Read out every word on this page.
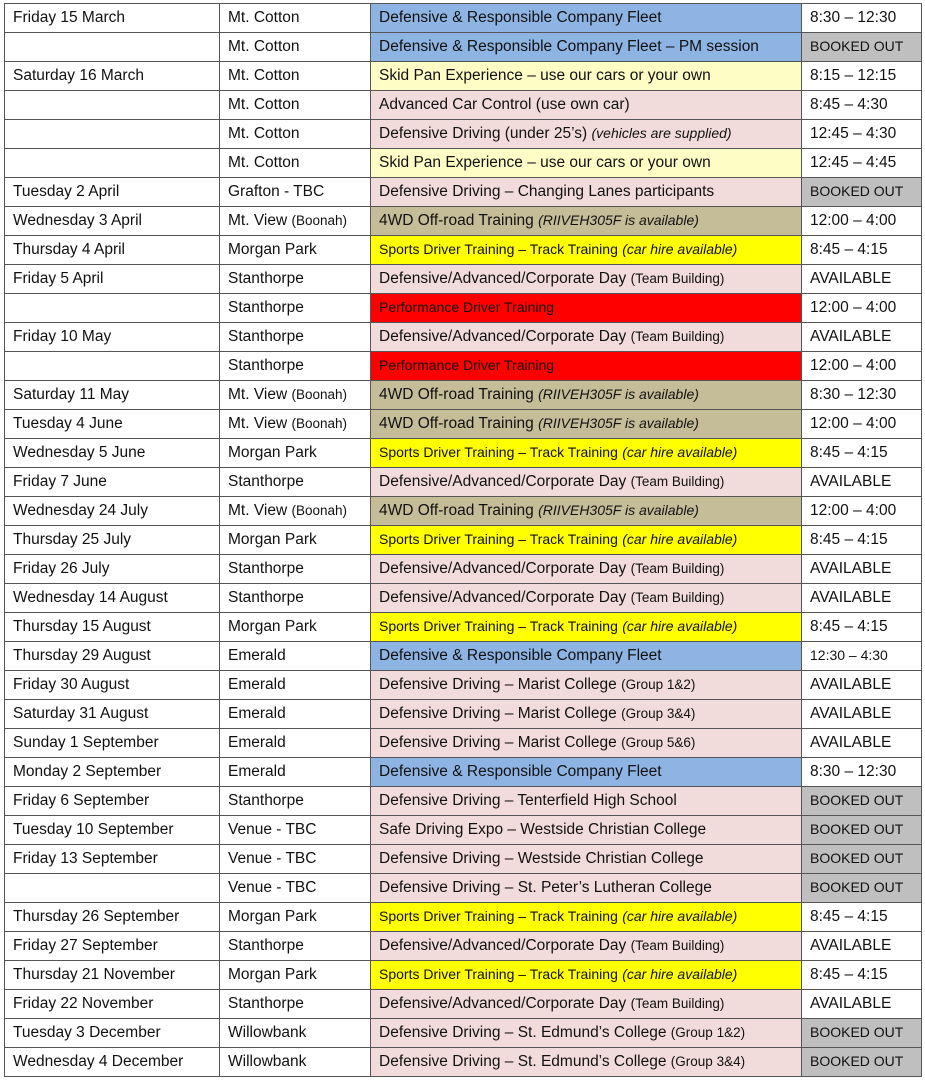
Friday 15 March	Mt. Cotton	Defensive & Responsible Company Fleet	8:30 – 12:30
	Mt. Cotton	Defensive & Responsible Company Fleet – PM session	BOOKED OUT
Saturday 16 March	Mt. Cotton	Skid Pan Experience – use our cars or your own	8:15 – 12:15
	Mt. Cotton	Advanced Car Control (use own car)	8:45 – 4:30
	Mt. Cotton	Defensive Driving (under 25’s) (vehicles are supplied)	12:45 – 4:30
	Mt. Cotton	Skid Pan Experience – use our cars or your own	12:45 – 4:45
Tuesday 2 April	Grafton - TBC	Defensive Driving – Changing Lanes participants	BOOKED OUT
Wednesday 3 April	Mt. View (Boonah)	4WD Off-road Training (RIIVEH305F is available)	12:00 – 4:00
Thursday 4 April	Morgan Park	Sports Driver Training – Track Training (car hire available)	8:45 – 4:15
Friday 5 April	Stanthorpe	Defensive/Advanced/Corporate Day (Team Building)	AVAILABLE
	Stanthorpe	Performance Driver Training	12:00 – 4:00
Friday 10 May	Stanthorpe	Defensive/Advanced/Corporate Day (Team Building)	AVAILABLE
	Stanthorpe	Performance Driver Training	12:00 – 4:00
Saturday 11 May	Mt. View (Boonah)	4WD Off-road Training (RIIVEH305F is available)	8:30 – 12:30
Tuesday 4 June	Mt. View (Boonah)	4WD Off-road Training (RIIVEH305F is available)	12:00 – 4:00
Wednesday 5 June	Morgan Park	Sports Driver Training – Track Training (car hire available)	8:45 – 4:15
Friday 7 June	Stanthorpe	Defensive/Advanced/Corporate Day (Team Building)	AVAILABLE
Wednesday 24 July	Mt. View (Boonah)	4WD Off-road Training (RIIVEH305F is available)	12:00 – 4:00
Thursday 25 July	Morgan Park	Sports Driver Training – Track Training (car hire available)	8:45 – 4:15
Friday 26 July	Stanthorpe	Defensive/Advanced/Corporate Day (Team Building)	AVAILABLE
Wednesday 14 August	Stanthorpe	Defensive/Advanced/Corporate Day (Team Building)	AVAILABLE
Thursday 15 August	Morgan Park	Sports Driver Training – Track Training (car hire available)	8:45 – 4:15
Thursday 29 August	Emerald	Defensive & Responsible Company Fleet	12:30 – 4:30
Friday 30 August	Emerald	Defensive Driving – Marist College (Group 1&2)	AVAILABLE
Saturday 31 August	Emerald	Defensive Driving – Marist College (Group 3&4)	AVAILABLE
Sunday 1 September	Emerald	Defensive Driving – Marist College (Group 5&6)	AVAILABLE
Monday 2 September	Emerald	Defensive & Responsible Company Fleet	8:30 – 12:30
Friday 6 September	Stanthorpe	Defensive Driving – Tenterfield High School	BOOKED OUT
Tuesday 10 September	Venue - TBC	Safe Driving Expo – Westside Christian College	BOOKED OUT
Friday 13 September	Venue - TBC	Defensive Driving – Westside Christian College	BOOKED OUT
	Venue - TBC	Defensive Driving – St. Peter’s Lutheran College	BOOKED OUT
Thursday 26 September	Morgan Park	Sports Driver Training – Track Training (car hire available)	8:45 – 4:15
Friday 27 September	Stanthorpe	Defensive/Advanced/Corporate Day (Team Building)	AVAILABLE
Thursday 21 November	Morgan Park	Sports Driver Training – Track Training (car hire available)	8:45 – 4:15
Friday 22 November	Stanthorpe	Defensive/Advanced/Corporate Day (Team Building)	AVAILABLE
Tuesday 3 December	Willowbank	Defensive Driving – St. Edmund’s College (Group 1&2)	BOOKED OUT
Wednesday 4 December	Willowbank	Defensive Driving – St. Edmund’s College (Group 3&4)	BOOKED OUT
